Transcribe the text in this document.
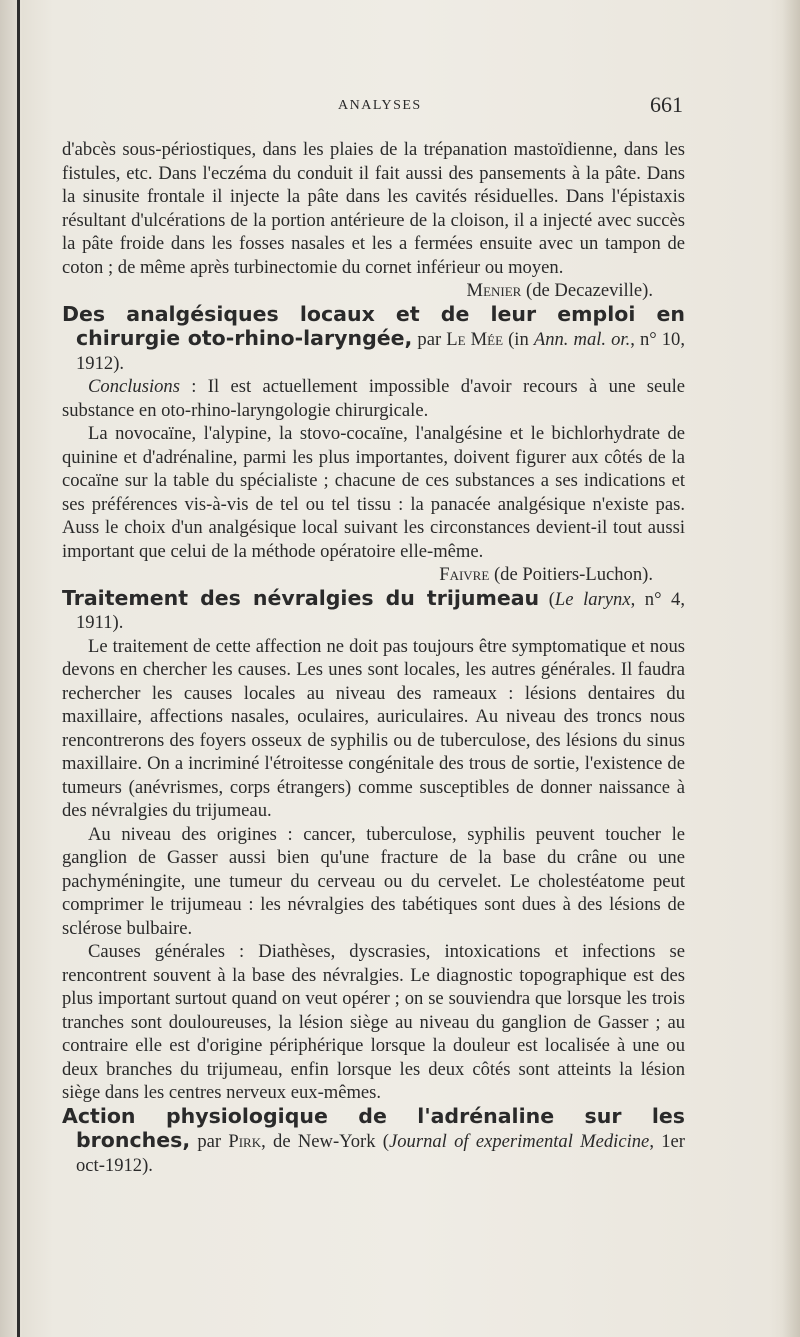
ANALYSES	661

d'abcès sous-périostiques, dans les plaies de la trépanation mastoïdienne, dans les fistules, etc. Dans l'eczéma du conduit il fait aussi des pansements à la pâte. Dans la sinusite frontale il injecte la pâte dans les cavités résiduelles. Dans l'épistaxis résultant d'ulcérations de la portion antérieure de la cloison, il a injecté avec succès la pâte froide dans les fosses nasales et les a fermées ensuite avec un tampon de coton ; de même après turbinectomie du cornet inférieur ou moyen.

Menier (de Decazeville).

Des analgésiques locaux et de leur emploi en chirurgie oto-rhino-laryngée, par Le Mée (in Ann. mal. or., n° 10, 1912).

Conclusions : Il est actuellement impossible d'avoir recours à une seule substance en oto-rhino-laryngologie chirurgicale.

La novocaïne, l'alypine, la stovo-cocaïne, l'analgésine et le bichlorhydrate de quinine et d'adrénaline, parmi les plus importantes, doivent figurer aux côtés de la cocaïne sur la table du spécialiste ; chacune de ces substances a ses indications et ses préférences vis-à-vis de tel ou tel tissu : la panacée analgésique n'existe pas. Auss le choix d'un analgésique local suivant les circonstances devient-il tout aussi important que celui de la méthode opératoire elle-même.

Faivre (de Poitiers-Luchon).

Traitement des névralgies du trijumeau (Le larynx, n° 4, 1911).

Le traitement de cette affection ne doit pas toujours être symptomatique et nous devons en chercher les causes. Les unes sont locales, les autres générales. Il faudra rechercher les causes locales au niveau des rameaux : lésions dentaires du maxillaire, affections nasales, oculaires, auriculaires. Au niveau des troncs nous rencontrerons des foyers osseux de syphilis ou de tuberculose, des lésions du sinus maxillaire. On a incriminé l'étroitesse congénitale des trous de sortie, l'existence de tumeurs (anévrismes, corps étrangers) comme susceptibles de donner naissance à des névralgies du trijumeau.

Au niveau des origines : cancer, tuberculose, syphilis peuvent toucher le ganglion de Gasser aussi bien qu'une fracture de la base du crâne ou une pachyméningite, une tumeur du cerveau ou du cervelet. Le cholestéatome peut comprimer le trijumeau : les névralgies des tabétiques sont dues à des lésions de sclérose bulbaire.

Causes générales : Diathèses, dyscrasies, intoxications et infections se rencontrent souvent à la base des névralgies. Le diagnostic topographique est des plus important surtout quand on veut opérer ; on se souviendra que lorsque les trois tranches sont douloureuses, la lésion siège au niveau du ganglion de Gasser ; au contraire elle est d'origine périphérique lorsque la douleur est localisée à une ou deux branches du trijumeau, enfin lorsque les deux côtés sont atteints la lésion siège dans les centres nerveux eux-mêmes.

Action physiologique de l'adrénaline sur les bronches, par Pirk, de New-York (Journal of experimental Medicine, 1er oct-1912).
